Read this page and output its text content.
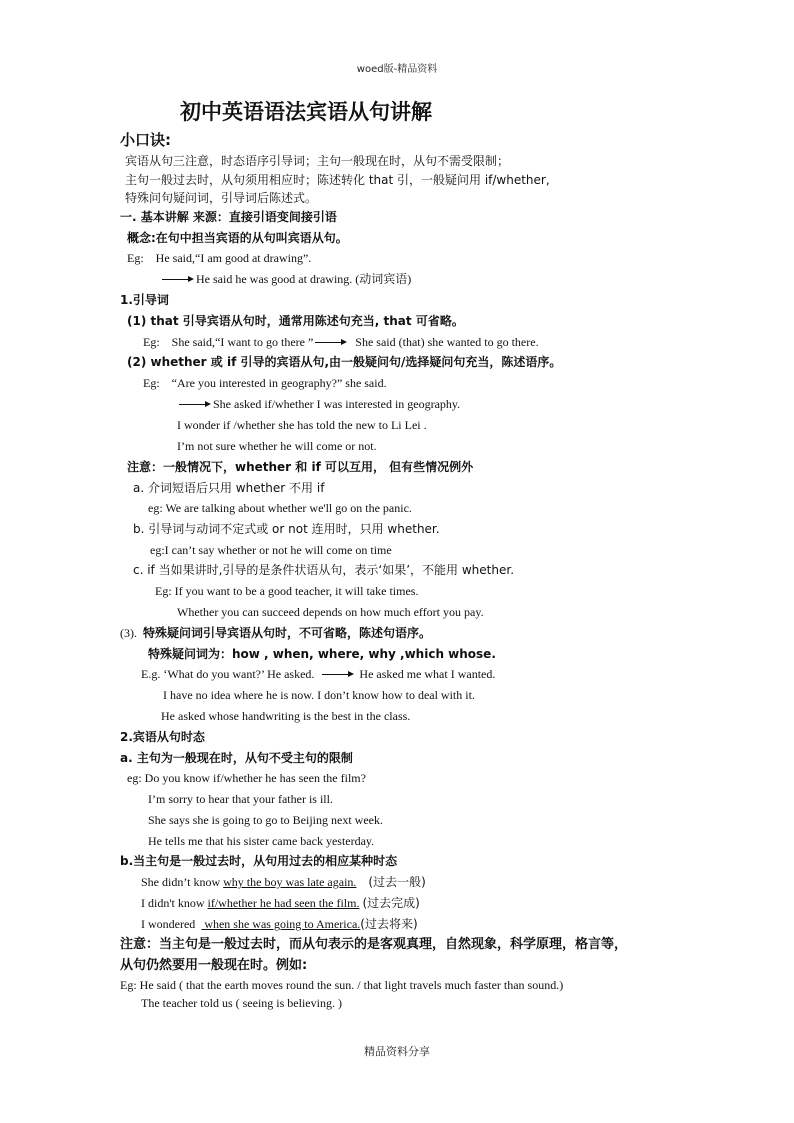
woed版-精品资料
初中英语语法宾语从句讲解
小口诀:
宾语从句三注意，时态语序引导词；主句一般现在时，从句不需受限制；
主句一般过去时，从句须用相应时；陈述转化 that 引，一般疑问用 if/whether,
特殊问句疑问词，引导词后陈述式。
一. 基本讲解 来源：直接引语变间接引语
概念:在句中担当宾语的从句叫宾语从句。
Eg: He said,“I am good at drawing”.
He said he was good at drawing. (动词宾语)
1.引导词
(1) that 引导宾语从句时，通常用陈述句充当, that 可省略。
Eg: She said,“I want to go there ”	She said (that) she wanted to go there.
(2) whether 或 if 引导的宾语从句,由一般疑问句/选择疑问句充当，陈述语序。
Eg: “Are you interested in geography?” she said.
She asked if/whether I was interested in geography.
I wonder if /whether she has told the new to Li Lei .
I’m not sure whether he will come or not.
注意：一般情况下，whether 和 if 可以互用， 但有些情况例外
a. 介词短语后只用 whether 不用 if
eg: We are talking about whether we'll go on the panic.
b. 引导词与动词不定式或 or not 连用时，只用 whether.
eg:I can’t say whether or not he will come on time
c. if 当如果讲时,引导的是条件状语从句，表示‘如果’，不能用 whether.
Eg: If you want to be a good teacher, it will take times.
Whether you can succeed depends on how much effort you pay.
(3). 特殊疑问词引导宾语从句时，不可省略，陈述句语序。
特殊疑问词为：how , when, where, why ,which whose.
E.g. ‘What do you want?’ He asked.	He asked me what I wanted.
I have no idea where he is now. I don’t know how to deal with it.
He asked whose handwriting is the best in the class.
2.宾语从句时态
a. 主句为一般现在时，从句不受主句的限制
eg: Do you know if/whether he has seen the film?
I’m sorry to hear that your father is ill.
She says she is going to go to Beijing next week.
He tells me that his sister came back yesterday.
b.当主句是一般过去时，从句用过去的相应某种时态
She didn’t know why the boy was late again. (过去一般)
I didn't know if/whether he had seen the film. (过去完成)
I wondered   when she was going to America.(过去将来)
注意：当主句是一般过去时，而从句表示的是客观真理，自然现象，科学原理，格言等，
从句仍然要用一般现在时。例如:
Eg: He said ( that the earth moves round the sun. / that light travels much faster than sound.)
The teacher told us ( seeing is believing. )
精品资料分享
